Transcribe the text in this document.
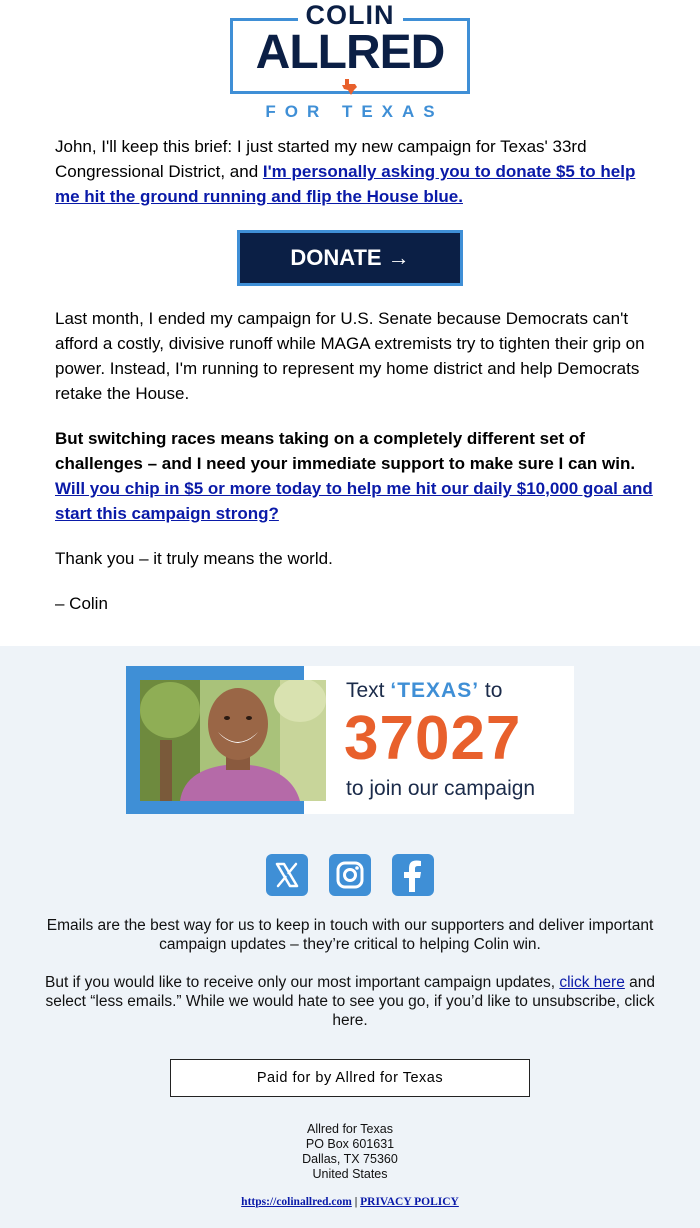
COLIN
ALLRED
FOR TEXAS
John, I'll keep this brief: I just started my new campaign for Texas' 33rd Congressional District, and I'm personally asking you to donate $5 to help me hit the ground running and flip the House blue.
DONATE →
Last month, I ended my campaign for U.S. Senate because Democrats can't afford a costly, divisive runoff while MAGA extremists try to tighten their grip on power. Instead, I'm running to represent my home district and help Democrats retake the House.
But switching races means taking on a completely different set of challenges – and I need your immediate support to make sure I can win. Will you chip in $5 or more today to help me hit our daily $10,000 goal and start this campaign strong?
Thank you – it truly means the world.
– Colin
Text ‘TEXAS’ to
37027
to join our campaign
Emails are the best way for us to keep in touch with our supporters and deliver important campaign updates – they’re critical to helping Colin win.
But if you would like to receive only our most important campaign updates, click here and select “less emails.” While we would hate to see you go, if you’d like to unsubscribe, click here.
Paid for by Allred for Texas
Allred for Texas
PO Box 601631
Dallas, TX 75360
United States
https://colinallred.com | PRIVACY POLICY
